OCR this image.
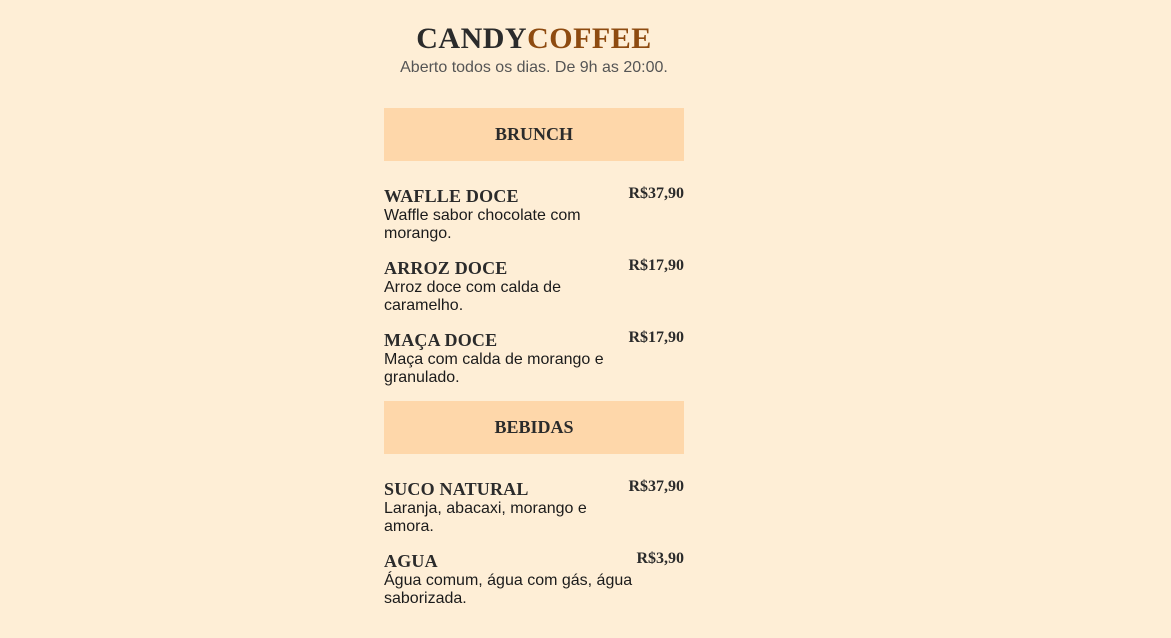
CANDYCOFFEE
Aberto todos os dias. De 9h as 20:00.
BRUNCH
WAFLLE DOCE	R$37,90
Waffle sabor chocolate com morango.
ARROZ DOCE	R$17,90
Arroz doce com calda de caramelho.
MAÇA DOCE	R$17,90
Maça com calda de morango e granulado.
BEBIDAS
SUCO NATURAL	R$37,90
Laranja, abacaxi, morango e amora.
AGUA	R$3,90
Água comum, água com gás, água saborizada.
